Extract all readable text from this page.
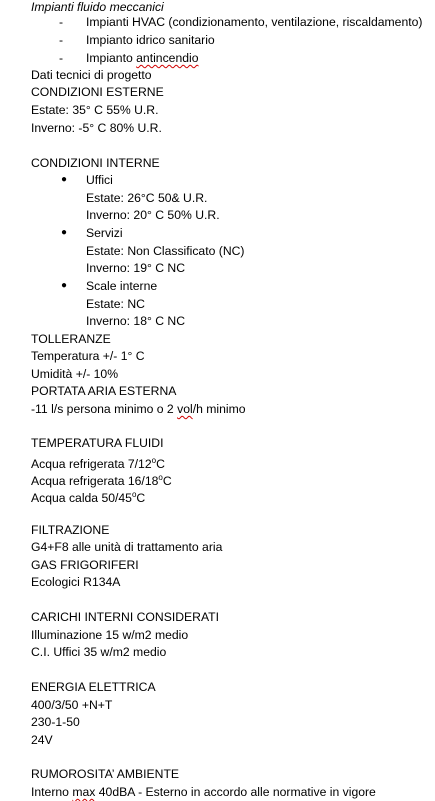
Impianti fluido meccanici
- Impianti HVAC (condizionamento, ventilazione, riscaldamento)
- Impianto idrico sanitario
- Impianto antincendio
Dati tecnici di progetto
CONDIZIONI ESTERNE
Estate: 35° C 55% U.R.
Inverno: -5° C 80% U.R.
CONDIZIONI INTERNE
● Uffici
Estate: 26°C 50& U.R.
Inverno: 20° C 50% U.R.
● Servizi
Estate: Non Classificato (NC)
Inverno: 19° C NC
● Scale interne
Estate: NC
Inverno: 18° C NC
TOLLERANZE
Temperatura +/- 1° C
Umidità +/- 10%
PORTATA ARIA ESTERNA
-11 l/s persona minimo o 2 vol/h minimo
TEMPERATURA FLUIDI
Acqua refrigerata 7/12$^o$C
Acqua refrigerata 16/18$^o$C
Acqua calda 50/45$^o$C
FILTRAZIONE
G4+F8 alle unità di trattamento aria
GAS FRIGORIFERI
Ecologici R134A
CARICHI INTERNI CONSIDERATI
Illuminazione 15 w/m2 medio
C.I. Uffici 35 w/m2 medio
ENERGIA ELETTRICA
400/3/50 +N+T
230-1-50
24V
RUMOROSITA’ AMBIENTE
Interno max 40dBA - Esterno in accordo alle normative in vigore
